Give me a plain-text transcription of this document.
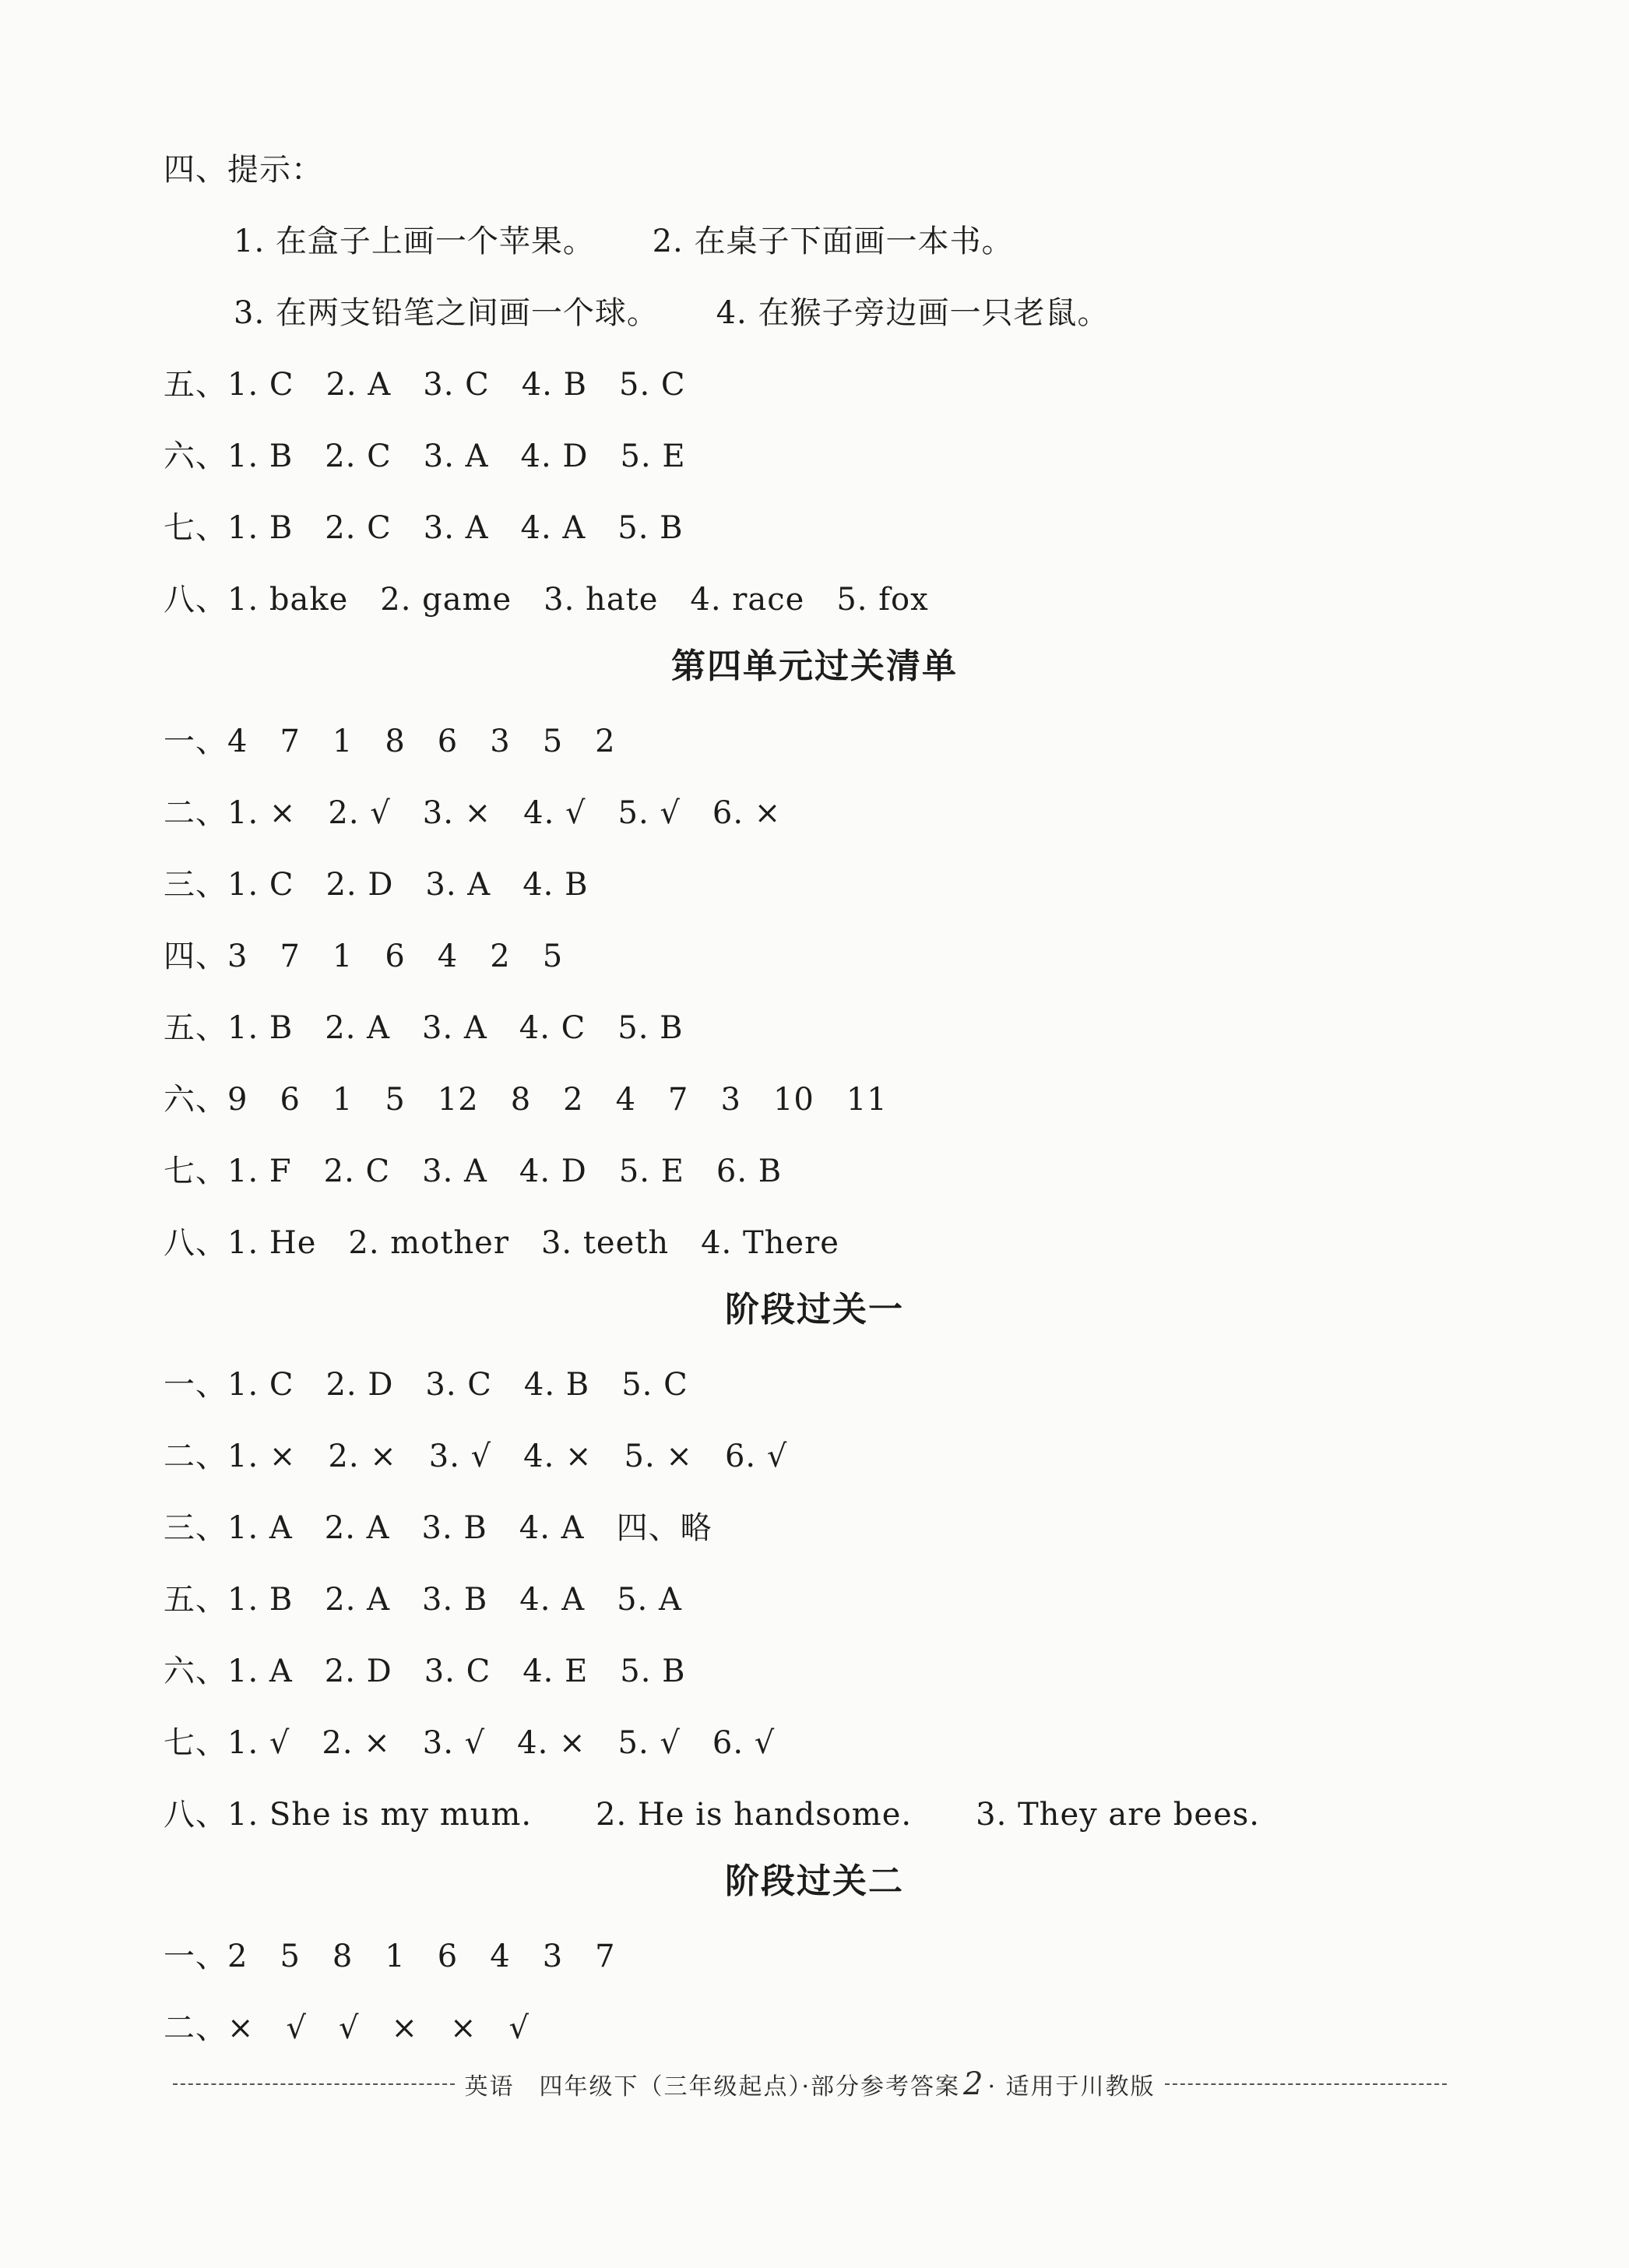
四、提示：
1. 在盒子上画一个苹果。 2. 在桌子下面画一本书。
3. 在两支铅笔之间画一个球。 4. 在猴子旁边画一只老鼠。
五、1. C　2. A　3. C　4. B　5. C
六、1. B　2. C　3. A　4. D　5. E
七、1. B　2. C　3. A　4. A　5. B
八、1. bake　2. game　3. hate　4. race　5. fox
第四单元过关清单
一、4　7　1　8　6　3　5　2
二、1. ×　2. √　3. ×　4. √　5. √　6. ×
三、1. C　2. D　3. A　4. B
四、3　7　1　6　4　2　5
五、1. B　2. A　3. A　4. C　5. B
六、9　6　1　5　12　8　2　4　7　3　10　11
七、1. F　2. C　3. A　4. D　5. E　6. B
八、1. He　2. mother　3. teeth　4. There
阶段过关一
一、1. C　2. D　3. C　4. B　5. C
二、1. ×　2. ×　3. √　4. ×　5. ×　6. √
三、1. A　2. A　3. B　4. A　四、略
五、1. B　2. A　3. B　4. A　5. A
六、1. A　2. D　3. C　4. E　5. B
七、1. √　2. ×　3. √　4. ×　5. √　6. √
八、1. She is my mum.　　2. He is handsome.　　3. They are bees.
阶段过关二
一、2　5　8　1　6　4　3　7
二、×　√　√　×　×　√
英语　四年级下（三年级起点）·部分参考答案 2 · 适用于川教版
